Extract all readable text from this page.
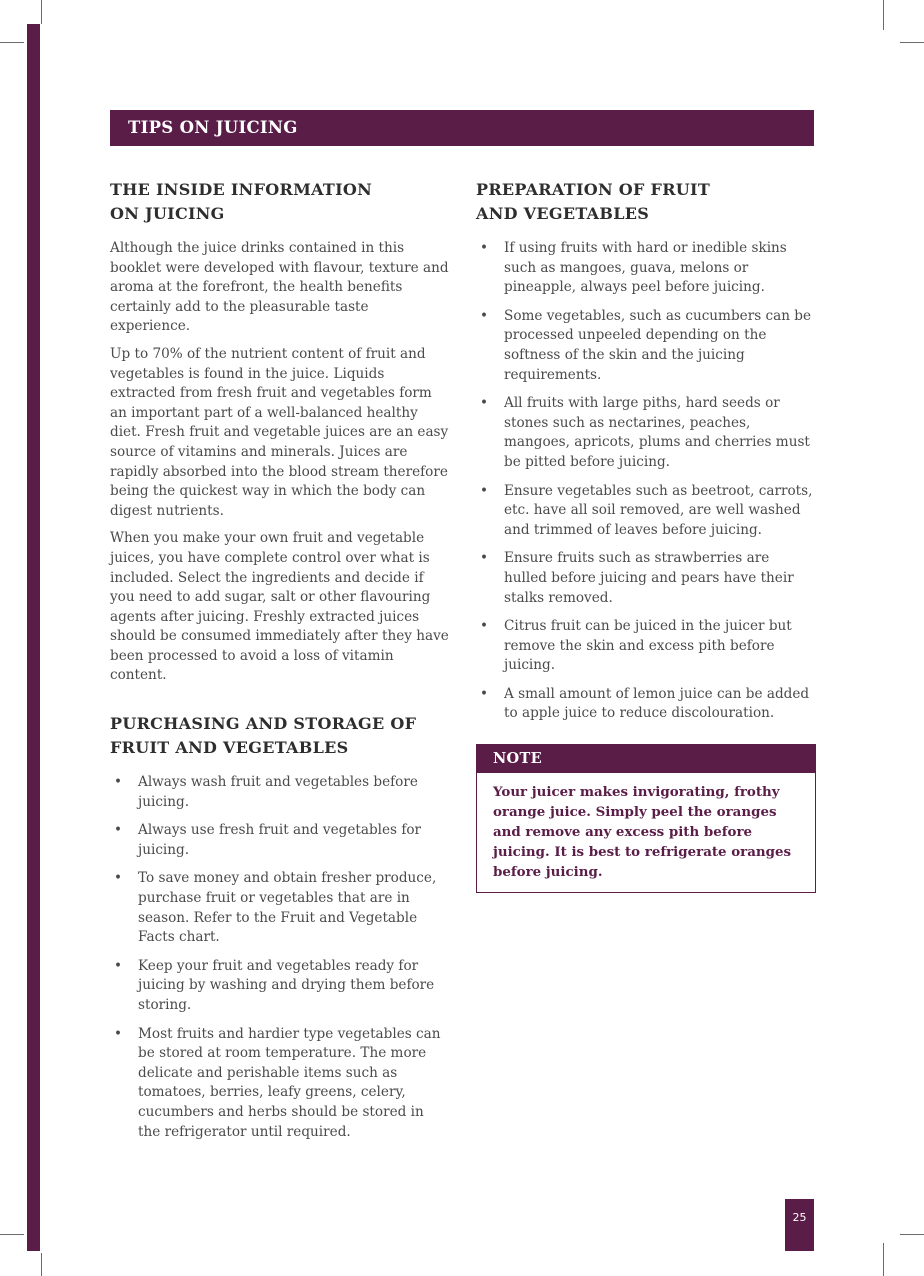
TIPS ON JUICING
THE INSIDE INFORMATION
ON JUICING

Although the juice drinks contained in this booklet were developed with flavour, texture and aroma at the forefront, the health benefits certainly add to the pleasurable taste experience.

Up to 70% of the nutrient content of fruit and vegetables is found in the juice. Liquids extracted from fresh fruit and vegetables form an important part of a well-balanced healthy diet. Fresh fruit and vegetable juices are an easy source of vitamins and minerals. Juices are rapidly absorbed into the blood stream therefore being the quickest way in which the body can digest nutrients.

When you make your own fruit and vegetable juices, you have complete control over what is included. Select the ingredients and decide if you need to add sugar, salt or other flavouring agents after juicing. Freshly extracted juices should be consumed immediately after they have been processed to avoid a loss of vitamin content.

PURCHASING AND STORAGE OF
FRUIT AND VEGETABLES
• Always wash fruit and vegetables before juicing.
• Always use fresh fruit and vegetables for juicing.
• To save money and obtain fresher produce, purchase fruit or vegetables that are in season. Refer to the Fruit and Vegetable Facts chart.
• Keep your fruit and vegetables ready for juicing by washing and drying them before storing.
• Most fruits and hardier type vegetables can be stored at room temperature. The more delicate and perishable items such as tomatoes, berries, leafy greens, celery, cucumbers and herbs should be stored in the refrigerator until required.
PREPARATION OF FRUIT
AND VEGETABLES
• If using fruits with hard or inedible skins such as mangoes, guava, melons or pineapple, always peel before juicing.
• Some vegetables, such as cucumbers can be processed unpeeled depending on the softness of the skin and the juicing requirements.
• All fruits with large piths, hard seeds or stones such as nectarines, peaches, mangoes, apricots, plums and cherries must be pitted before juicing.
• Ensure vegetables such as beetroot, carrots, etc. have all soil removed, are well washed and trimmed of leaves before juicing.
• Ensure fruits such as strawberries are hulled before juicing and pears have their stalks removed.
• Citrus fruit can be juiced in the juicer but remove the skin and excess pith before juicing.
• A small amount of lemon juice can be added to apple juice to reduce discolouration.
NOTE
Your juicer makes invigorating, frothy orange juice. Simply peel the oranges and remove any excess pith before juicing. It is best to refrigerate oranges before juicing.
25
